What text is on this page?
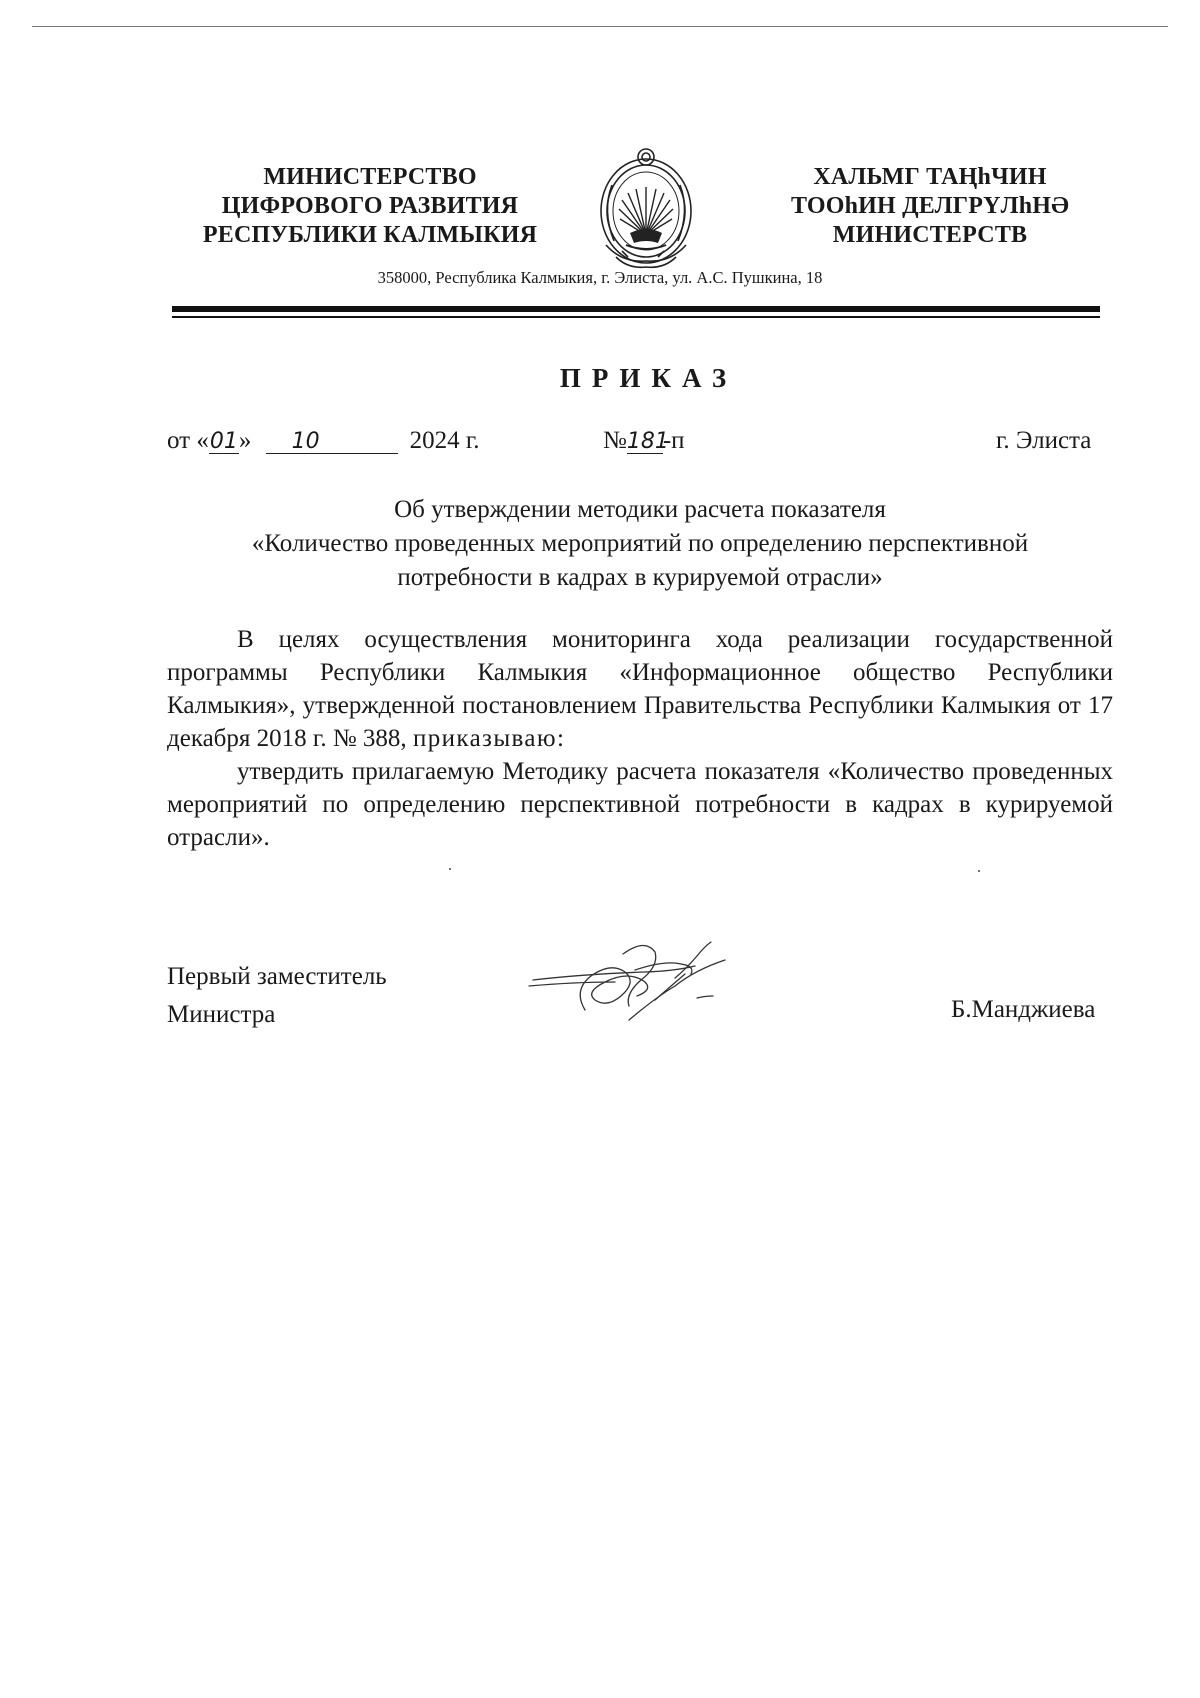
МИНИСТЕРСТВО
ЦИФРОВОГО РАЗВИТИЯ
РЕСПУБЛИКИ КАЛМЫКИЯ
ХАЛЬМГ ТАҢһЧИН
ТООһИН ДЕЛГРҮЛһНӘ
МИНИСТЕРСТВ
358000, Республика Калмыкия, г. Элиста, ул. А.С. Пушкина, 18
ПРИКАЗ
от «01» 10	2024 г.	№181-п	г. Элиста
Об утверждении методики расчета показателя
«Количество проведенных мероприятий по определению перспективной
потребности в кадрах в курируемой отрасли»

В целях осуществления мониторинга хода реализации государственной программы Республики Калмыкия «Информационное общество Республики Калмыкия», утвержденной постановлением Правительства Республики Калмыкия от 17 декабря 2018 г. № 388, приказываю:

утвердить прилагаемую Методику расчета показателя «Количество проведенных мероприятий по определению перспективной потребности в кадрах в курируемой отрасли».

Первый заместитель
Министра	Б.Манджиева
